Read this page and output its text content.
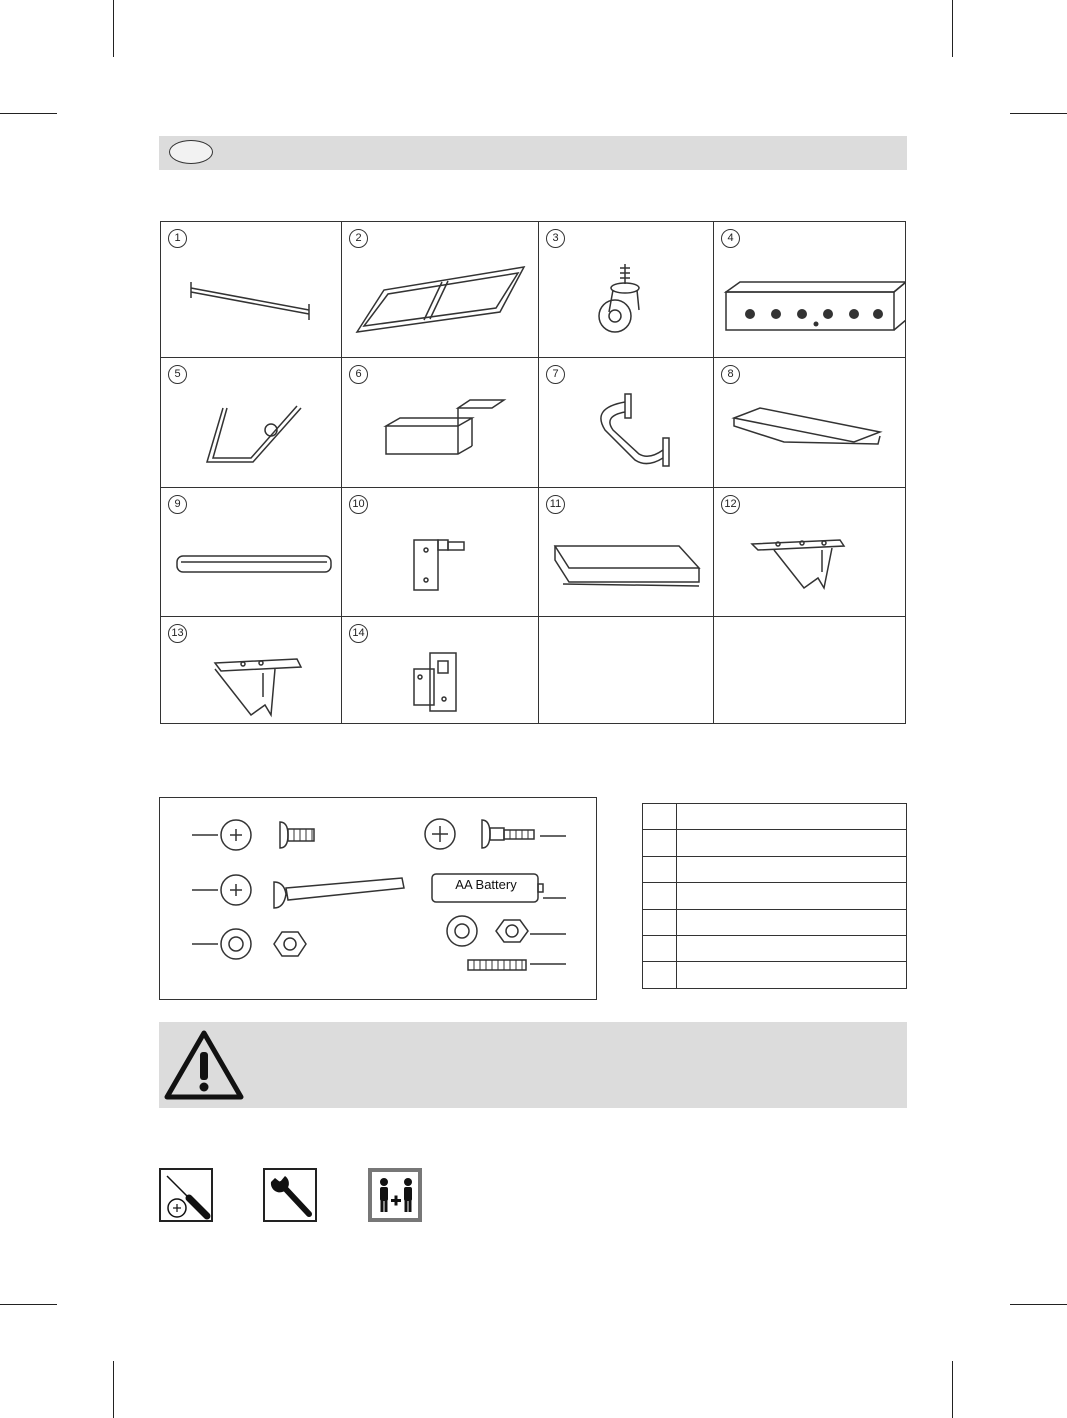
1	2	3	4
5	6	7	8
9	10	11	12
13	14
AA Battery
